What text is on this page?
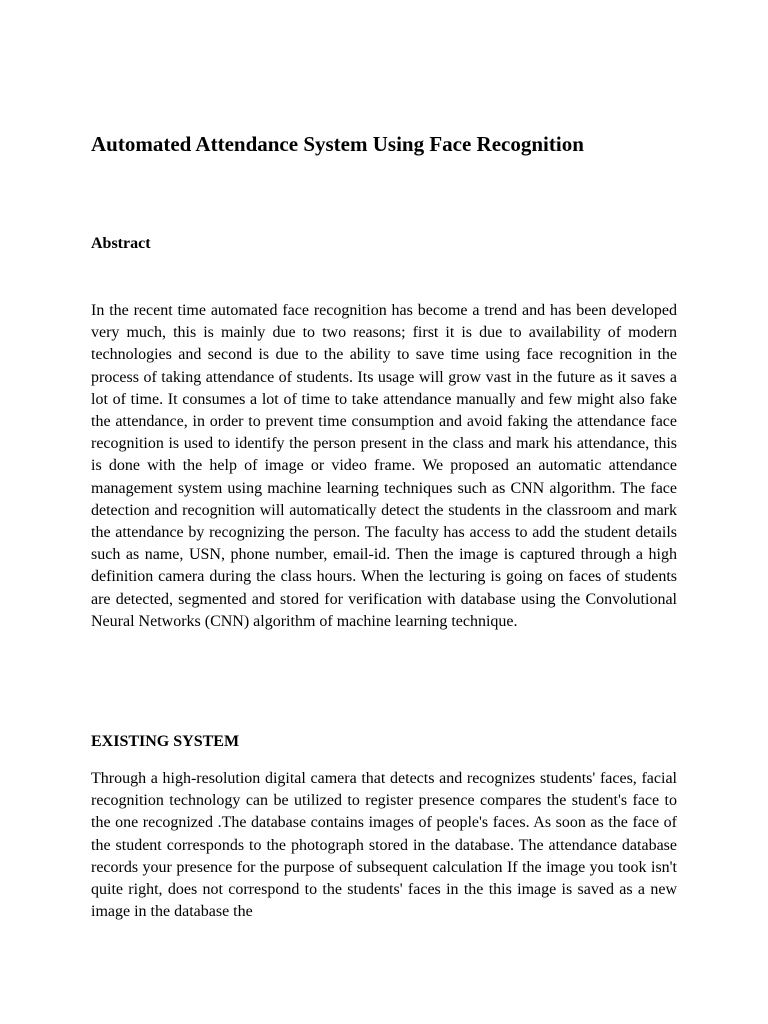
Automated Attendance System Using Face Recognition
Abstract

In the recent time automated face recognition has become a trend and has been developed very much, this is mainly due to two reasons; first it is due to availability of modern technologies and second is due to the ability to save time using face recognition in the process of taking attendance of students. Its usage will grow vast in the future as it saves a lot of time. It consumes a lot of time to take attendance manually and few might also fake the attendance, in order to prevent time consumption and avoid faking the attendance face recognition is used to identify the person present in the class and mark his attendance, this is done with the help of image or video frame. We proposed an automatic attendance management system using machine learning techniques such as CNN algorithm. The face detection and recognition will automatically detect the students in the classroom and mark the attendance by recognizing the person. The faculty has access to add the student details such as name, USN, phone number, email-id. Then the image is captured through a high definition camera during the class hours. When the lecturing is going on faces of students are detected, segmented and stored for verification with database using the Convolutional Neural Networks (CNN) algorithm of machine learning technique.

EXISTING SYSTEM

Through a high-resolution digital camera that detects and recognizes students' faces, facial recognition technology can be utilized to register presence compares the student's face to the one recognized .The database contains images of people's faces. As soon as the face of the student corresponds to the photograph stored in the database. The attendance database records your presence for the purpose of subsequent calculation If the image you took isn't quite right, does not correspond to the students' faces in the this image is saved as a new image in the database the
